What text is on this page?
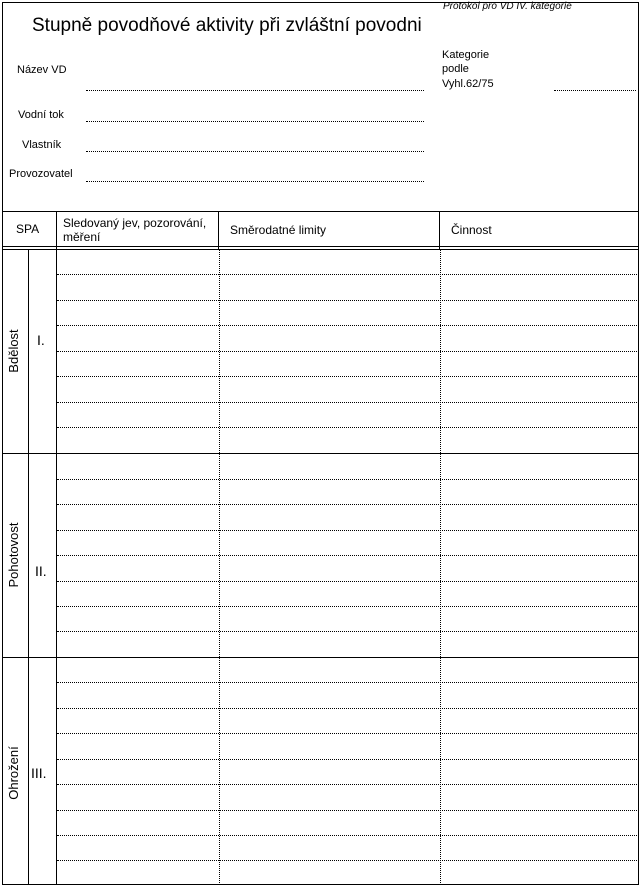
Protokol pro VD IV. kategorie
Stupně povodňové aktivity při zvláštní povodni
Název VD
Vodní tok
Vlastník
Provozovatel
Kategorie
podle
Vyhl.62/75
SPA Sledovaný jev, pozorování, měření	Směrodatné limity	Činnost
Bdělost I.
Pohotovost II.
Ohrožení III.
